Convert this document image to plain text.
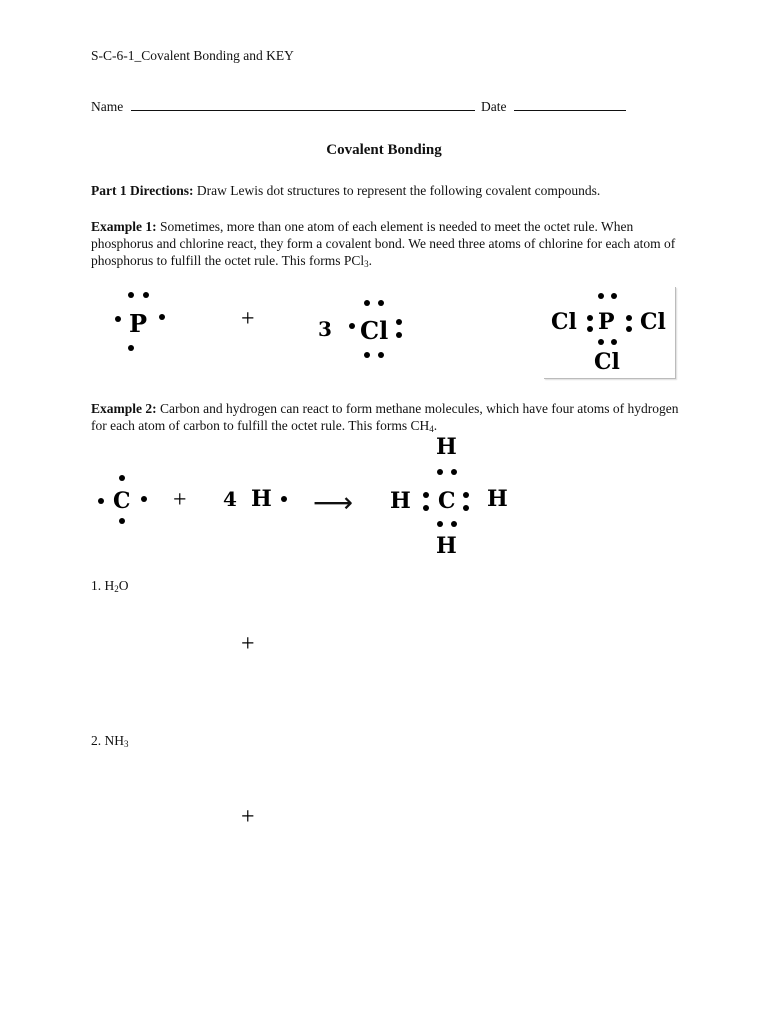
S-C-6-1_Covalent Bonding and KEY
Name	Date
Covalent Bonding
Part 1 Directions: Draw Lewis dot structures to represent the following covalent compounds.
Example 1: Sometimes, more than one atom of each element is needed to meet the octet rule. When phosphorus and chlorine react, they form a covalent bond. We need three atoms of chlorine for each atom of phosphorus to fulfill the octet rule. This forms PCl$_3$.
P	+	3 Cl	Cl P Cl
Cl
Example 2: Carbon and hydrogen can react to form methane molecules, which have four atoms of hydrogen for each atom of carbon to fulfill the octet rule. This forms $CH_4$.
C + 4 H ⟶
H
H C H
H
1. $H_2O$
+
2. $NH_3$
+
